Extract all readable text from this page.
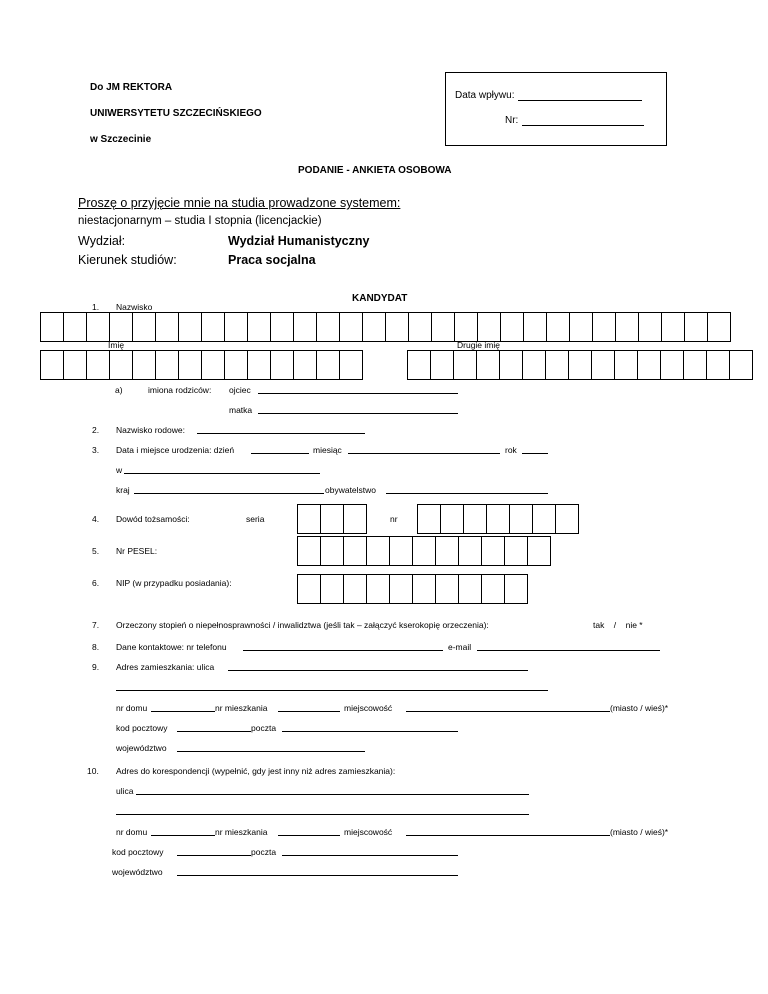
Do JM REKTORA
UNIWERSYTETU SZCZECIŃSKIEGO
w Szczecinie
Data wpływu:
Nr:
PODANIE - ANKIETA OSOBOWA
Proszę o przyjęcie mnie na studia prowadzone systemem:
niestacjonarnym – studia I stopnia (licencjackie)
Wydział:	Wydział Humanistyczny
Kierunek studiów:	Praca socjalna
KANDYDAT
1. Nazwisko
Imię	Drugie imię
a)	imiona rodziców: ojciec
matka
2. Nazwisko rodowe:
3. Data i miejsce urodzenia: dzień	miesiąc	rok
w
kraj	obywatelstwo
4. Dowód tożsamości:	seria	nr
5. Nr PESEL:
6. NIP (w przypadku posiadania):
7. Orzeczony stopień o niepełnosprawności / inwalidztwa (jeśli tak – załączyć kserokopię orzeczenia):	tak    /    nie *
8. Dane kontaktowe: nr telefonu	e-mail
9. Adres zamieszkania: ulica
nr domu	nr mieszkania	miejscowość	(miasto / wieś)*
kod pocztowy	poczta
województwo
10. Adres do korespondencji (wypełnić, gdy jest inny niż adres zamieszkania):
ulica
nr domu	nr mieszkania	miejscowość	(miasto / wieś)*
kod pocztowy	poczta
województwo
